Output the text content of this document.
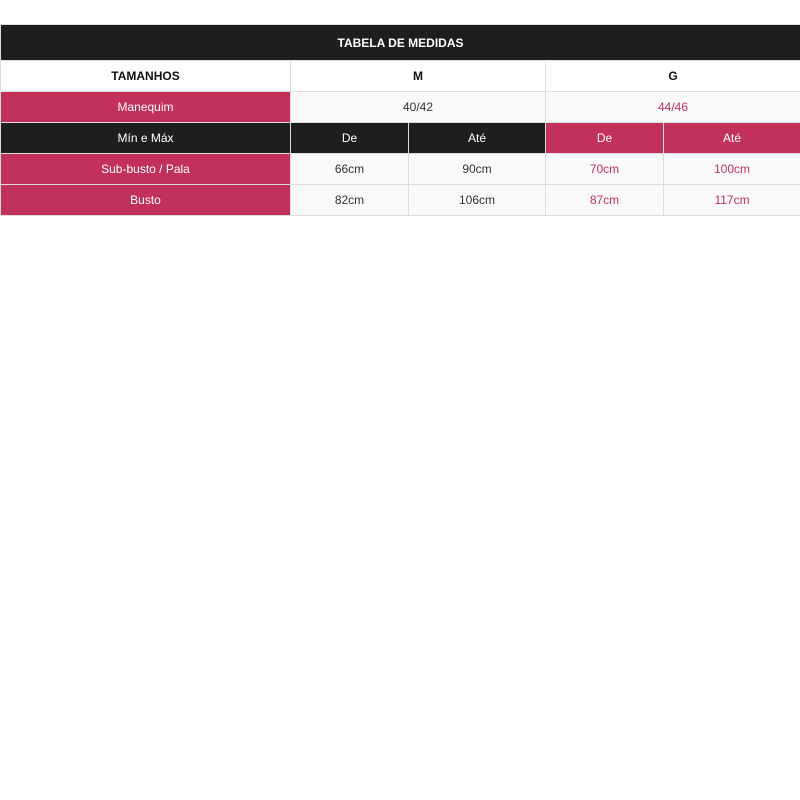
TABELA DE MEDIDAS				
TAMANHOS	M		G	
Manequim	40/42		44/46	
Mín e Máx	De	Até	De	Até
Sub-busto / Pala	66cm	90cm	70cm	100cm
Busto	82cm	106cm	87cm	117cm
